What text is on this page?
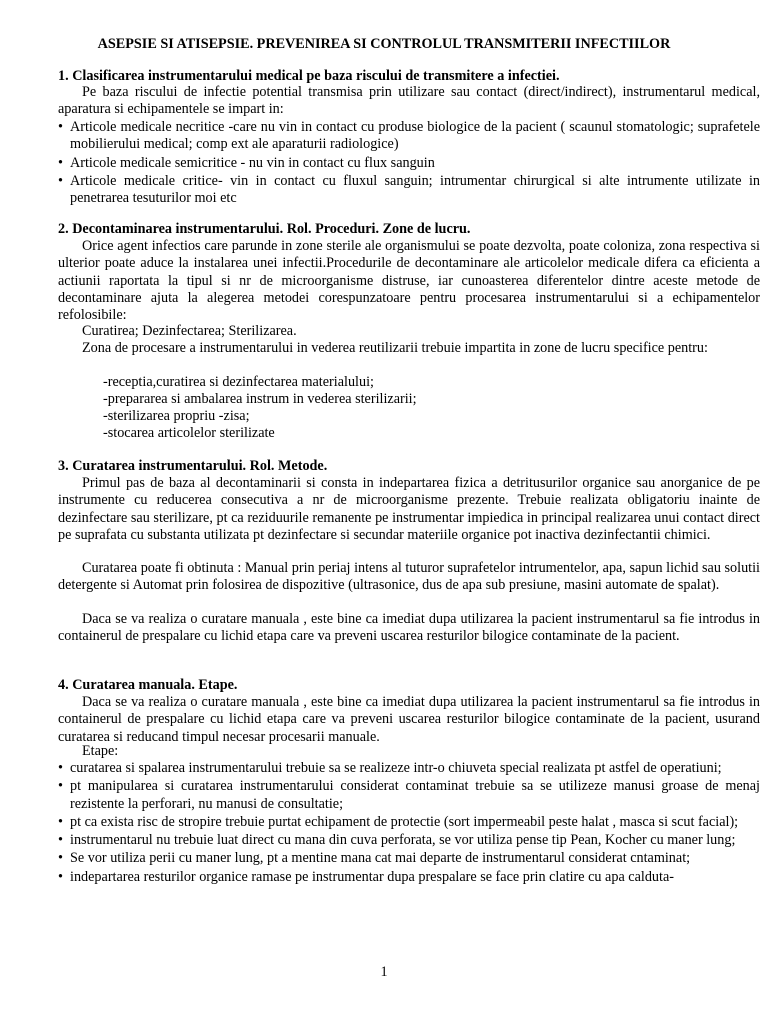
ASEPSIE SI ATISEPSIE. PREVENIREA SI CONTROLUL TRANSMITERII INFECTIILOR
1. Clasificarea instrumentarului medical pe baza riscului de transmitere a infectiei.

Pe baza riscului de infectie potential transmisa prin utilizare sau contact (direct/indirect), instrumentarul medical, aparatura si echipamentele se impart in:

• Articole medicale necritice -care nu vin in contact cu produse biologice de la pacient ( scaunul stomatologic; suprafetele mobilierului medical; comp ext ale aparaturii radiologice)
• Articole medicale semicritice - nu vin in contact cu flux sanguin
• Articole medicale critice- vin in contact cu fluxul sanguin; intrumentar chirurgical si alte intrumente utilizate in penetrarea tesuturilor moi etc
2. Decontaminarea instrumentarului. Rol. Proceduri. Zone de lucru.

Orice agent infectios care parunde in zone sterile ale organismului se poate dezvolta, poate coloniza, zona respectiva si ulterior poate aduce la instalarea unei infectii.Procedurile de decontaminare ale articolelor medicale difera ca eficienta a actiunii raportata la tipul si nr de microorganisme distruse, iar cunoasterea diferentelor dintre aceste metode de decontaminare ajuta la alegerea metodei corespunzatoare pentru procesarea instrumentarului si a echipamentelor refolosibile:

Curatirea; Dezinfectarea; Sterilizarea.

Zona de procesare a instrumentarului in vederea reutilizarii trebuie impartita in zone de lucru specifice pentru:

-receptia,curatirea si dezinfectarea materialului;
-prepararea si ambalarea instrum in vederea sterilizarii;
-sterilizarea propriu -zisa;
-stocarea articolelor sterilizate
3. Curatarea instrumentarului. Rol. Metode.

Primul pas de baza al decontaminarii si consta in indepartarea fizica a detritusurilor organice sau anorganice de pe instrumente cu reducerea consecutiva a nr de microorganisme prezente. Trebuie realizata obligatoriu inainte de dezinfectare sau sterilizare, pt ca reziduurile remanente pe instrumentar impiedica in principal realizarea unui contact direct pe suprafata cu substanta utilizata pt dezinfectare si secundar materiile organice pot inactiva dezinfectantii chimici.

Curatarea poate fi obtinuta : Manual prin periaj intens al tuturor suprafetelor intrumentelor, apa, sapun lichid sau solutii detergente si Automat prin folosirea de dispozitive (ultrasonice, dus de apa sub presiune, masini automate de spalat).

Daca se va realiza o curatare manuala , este bine ca imediat dupa utilizarea la pacient instrumentarul sa fie introdus in containerul de prespalare cu lichid etapa care va preveni uscarea resturilor bilogice contaminate de la pacient.

4. Curatarea manuala. Etape.

Daca se va realiza o curatare manuala , este bine ca imediat dupa utilizarea la pacient instrumentarul sa fie introdus in containerul de prespalare cu lichid etapa care va preveni uscarea resturilor bilogice contaminate de la pacient, usurand curatarea si reducand timpul necesar procesarii manuale.

Etape:
• curatarea si spalarea instrumentarului trebuie sa se realizeze intr-o chiuveta special realizata pt astfel de operatiuni;
• pt manipularea si curatarea instrumentarului considerat contaminat trebuie sa se utilizeze manusi groase de menaj rezistente la perforari, nu manusi de consultatie;
• pt ca exista risc de stropire trebuie purtat echipament de protectie (sort impermeabil peste halat , masca si scut facial);
• instrumentarul nu trebuie luat direct cu mana din cuva perforata, se vor utiliza pense tip Pean, Kocher cu maner lung;
• Se vor utiliza perii cu maner lung, pt a mentine mana cat mai departe de instrumentarul considerat cntaminat;
• indepartarea resturilor organice ramase pe instrumentar dupa prespalare se face prin clatire cu apa calduta-
1
